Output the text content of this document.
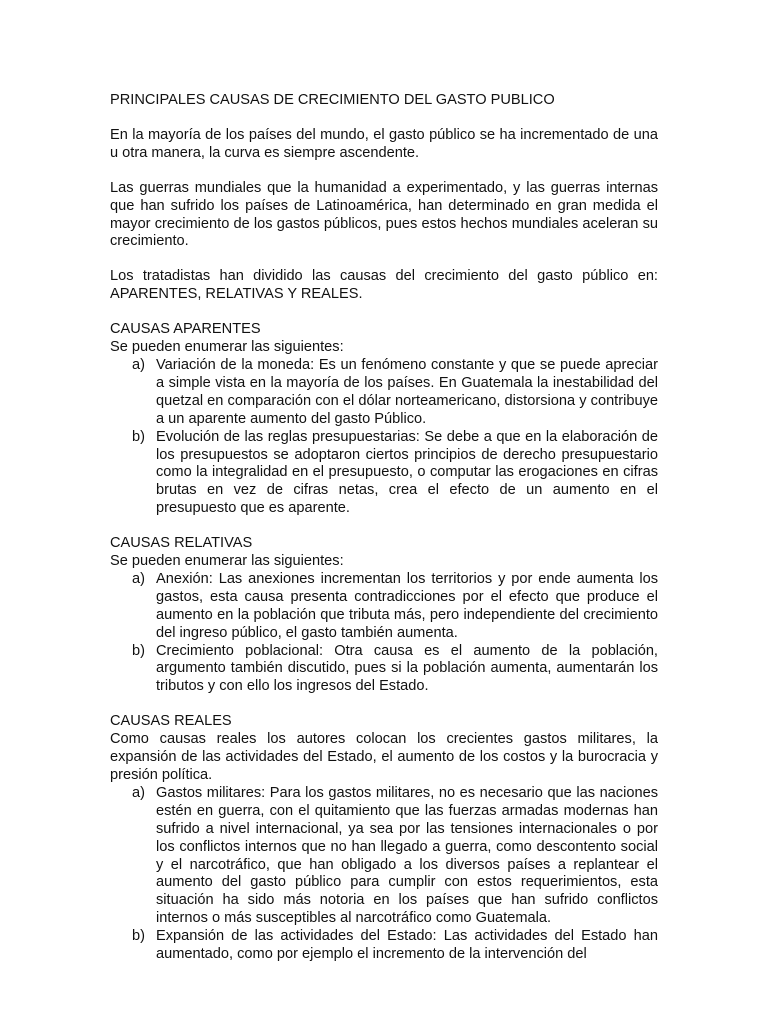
PRINCIPALES CAUSAS DE CRECIMIENTO DEL GASTO PUBLICO

En la mayoría de los países del mundo, el gasto público se ha incrementado de una u otra manera, la curva es siempre ascendente.

Las guerras mundiales que la humanidad a experimentado, y las guerras internas que han sufrido los países de Latinoamérica, han determinado en gran medida el mayor crecimiento de los gastos públicos, pues estos hechos mundiales aceleran su crecimiento.

Los tratadistas han dividido las causas del crecimiento del gasto público en: APARENTES, RELATIVAS Y REALES.

CAUSAS APARENTES
Se pueden enumerar las siguientes:
a) Variación de la moneda: Es un fenómeno constante y que se puede apreciar a simple vista en la mayoría de los países. En Guatemala la inestabilidad del quetzal en comparación con el dólar norteamericano, distorsiona y contribuye a un aparente aumento del gasto Público.
b) Evolución de las reglas presupuestarias: Se debe a que en la elaboración de los presupuestos se adoptaron ciertos principios de derecho presupuestario como la integralidad en el presupuesto, o computar las erogaciones en cifras brutas en vez de cifras netas, crea el efecto de un aumento en el presupuesto que es aparente.
CAUSAS RELATIVAS
Se pueden enumerar las siguientes:
a) Anexión: Las anexiones incrementan los territorios y por ende aumenta los gastos, esta causa presenta contradicciones por el efecto que produce el aumento en la población que tributa más, pero independiente del crecimiento del ingreso público, el gasto también aumenta.
b) Crecimiento poblacional: Otra causa es el aumento de la población, argumento también discutido, pues si la población aumenta, aumentarán los tributos y con ello los ingresos del Estado.
CAUSAS REALES
Como causas reales los autores colocan los crecientes gastos militares, la expansión de las actividades del Estado, el aumento de los costos y la burocracia y presión política.
a) Gastos militares: Para los gastos militares, no es necesario que las naciones estén en guerra, con el quitamiento que las fuerzas armadas modernas han sufrido a nivel internacional, ya sea por las tensiones internacionales o por los conflictos internos que no han llegado a guerra, como descontento social y el narcotráfico, que han obligado a los diversos países a replantear el aumento del gasto público para cumplir con estos requerimientos, esta situación ha sido más notoria en los países que han sufrido conflictos internos o más susceptibles al narcotráfico como Guatemala.
b) Expansión de las actividades del Estado: Las actividades del Estado han aumentado, como por ejemplo el incremento de la intervención del
